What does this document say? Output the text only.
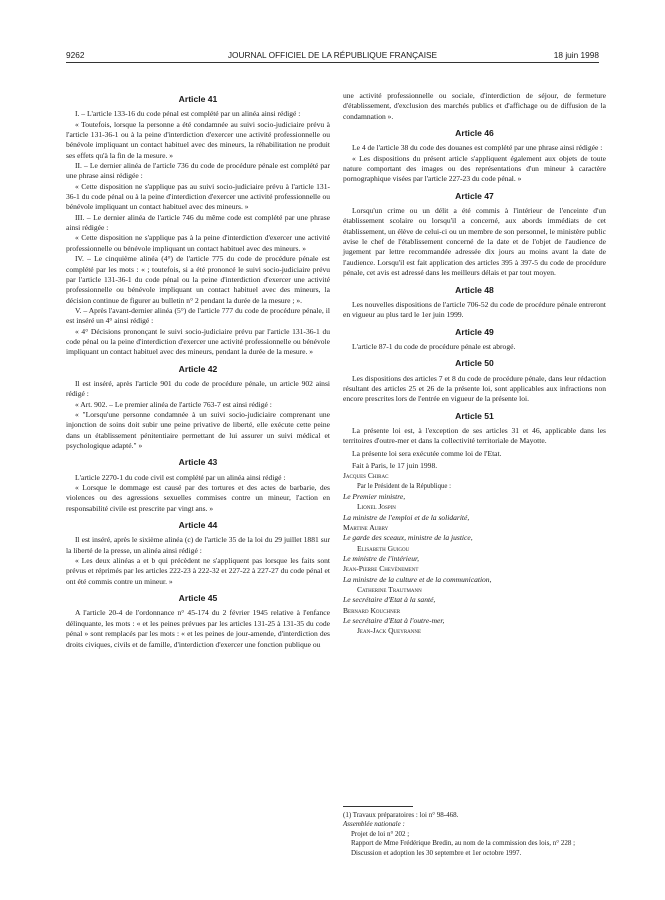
9262	JOURNAL OFFICIEL DE LA RÉPUBLIQUE FRANÇAISE	18 juin 1998
Article 41

I. – L'article 133-16 du code pénal est complété par un alinéa ainsi rédigé :

« Toutefois, lorsque la personne a été condamnée au suivi socio-judiciaire prévu à l'article 131-36-1 ou à la peine d'interdiction d'exercer une activité professionnelle ou bénévole impliquant un contact habituel avec des mineurs, la réhabilitation ne produit ses effets qu'à la fin de la mesure. »

II. – Le dernier alinéa de l'article 736 du code de procédure pénale est complété par une phrase ainsi rédigée :

« Cette disposition ne s'applique pas au suivi socio-judiciaire prévu à l'article 131-36-1 du code pénal ou à la peine d'interdiction d'exercer une activité professionnelle ou bénévole impliquant un contact habituel avec des mineurs. »

III. – Le dernier alinéa de l'article 746 du même code est complété par une phrase ainsi rédigée :

« Cette disposition ne s'applique pas à la peine d'interdiction d'exercer une activité professionnelle ou bénévole impliquant un contact habituel avec des mineurs. »

IV. – Le cinquième alinéa (4°) de l'article 775 du code de procédure pénale est complété par les mots : « ; toutefois, si a été prononcé le suivi socio-judiciaire prévu par l'article 131-36-1 du code pénal ou la peine d'interdiction d'exercer une activité professionnelle ou bénévole impliquant un contact habituel avec des mineurs, la décision continue de figurer au bulletin n° 2 pendant la durée de la mesure ; ».

V. – Après l'avant-dernier alinéa (5°) de l'article 777 du code de procédure pénale, il est inséré un 4° ainsi rédigé :

« 4° Décisions prononçant le suivi socio-judiciaire prévu par l'article 131-36-1 du code pénal ou la peine d'interdiction d'exercer une activité professionnelle ou bénévole impliquant un contact habituel avec des mineurs, pendant la durée de la mesure. »

Article 42

Il est inséré, après l'article 901 du code de procédure pénale, un article 902 ainsi rédigé :

« Art. 902. – Le premier alinéa de l'article 763-7 est ainsi rédigé :

« "Lorsqu'une personne condamnée à un suivi socio-judiciaire comprenant une injonction de soins doit subir une peine privative de liberté, elle exécute cette peine dans un établissement pénitentiaire permettant de lui assurer un suivi médical et psychologique adapté." »

Article 43

L'article 2270-1 du code civil est complété par un alinéa ainsi rédigé :

« Lorsque le dommage est causé par des tortures et des actes de barbarie, des violences ou des agressions sexuelles commises contre un mineur, l'action en responsabilité civile est prescrite par vingt ans. »

Article 44

Il est inséré, après le sixième alinéa (c) de l'article 35 de la loi du 29 juillet 1881 sur la liberté de la presse, un alinéa ainsi rédigé :

« Les deux alinéas a et b qui précèdent ne s'appliquent pas lorsque les faits sont prévus et réprimés par les articles 222-23 à 222-32 et 227-22 à 227-27 du code pénal et ont été commis contre un mineur. »

Article 45

A l'article 20-4 de l'ordonnance n° 45-174 du 2 février 1945 relative à l'enfance délinquante, les mots : « et les peines prévues par les articles 131-25 à 131-35 du code pénal » sont remplacés par les mots : « et les peines de jour-amende, d'interdiction des droits civiques, civils et de famille, d'interdiction d'exercer une fonction publique ou

une activité professionnelle ou sociale, d'interdiction de séjour, de fermeture d'établissement, d'exclusion des marchés publics et d'affichage ou de diffusion de la condamnation ».

Article 46

Le 4 de l'article 38 du code des douanes est complété par une phrase ainsi rédigée :

« Les dispositions du présent article s'appliquent également aux objets de toute nature comportant des images ou des représentations d'un mineur à caractère pornographique visées par l'article 227-23 du code pénal. »

Article 47

Lorsqu'un crime ou un délit a été commis à l'intérieur de l'enceinte d'un établissement scolaire ou lorsqu'il a concerné, aux abords immédiats de cet établissement, un élève de celui-ci ou un membre de son personnel, le ministère public avise le chef de l'établissement concerné de la date et de l'objet de l'audience de jugement par lettre recommandée adressée dix jours au moins avant la date de l'audience. Lorsqu'il est fait application des articles 395 à 397-5 du code de procédure pénale, cet avis est adressé dans les meilleurs délais et par tout moyen.

Article 48

Les nouvelles dispositions de l'article 706-52 du code de procédure pénale entreront en vigueur au plus tard le 1er juin 1999.

Article 49

L'article 87-1 du code de procédure pénale est abrogé.

Article 50

Les dispositions des articles 7 et 8 du code de procédure pénale, dans leur rédaction résultant des articles 25 et 26 de la présente loi, sont applicables aux infractions non encore prescrites lors de l'entrée en vigueur de la présente loi.

Article 51

La présente loi est, à l'exception de ses articles 31 et 46, applicable dans les territoires d'outre-mer et dans la collectivité territoriale de Mayotte.

La présente loi sera exécutée comme loi de l'Etat.

Fait à Paris, le 17 juin 1998.

Jacques Chirac

Par le Président de la République :

Le Premier ministre,

Lionel Jospin

La ministre de l'emploi et de la solidarité,

Martine Aubry

Le garde des sceaux, ministre de la justice,

Elisabeth Guigou

Le ministre de l'intérieur,

Jean-Pierre Chevènement

La ministre de la culture et de la communication,

Catherine Trautmann

Le secrétaire d'Etat à la santé,

Bernard Kouchner

Le secrétaire d'Etat à l'outre-mer,

Jean-Jack Queyranne

(1) Travaux préparatoires : loi n° 98-468.

Assemblée nationale :

Projet de loi n° 202 ;

Rapport de Mme Frédérique Bredin, au nom de la commission des lois, n° 228 ;

Discussion et adoption les 30 septembre et 1er octobre 1997.
